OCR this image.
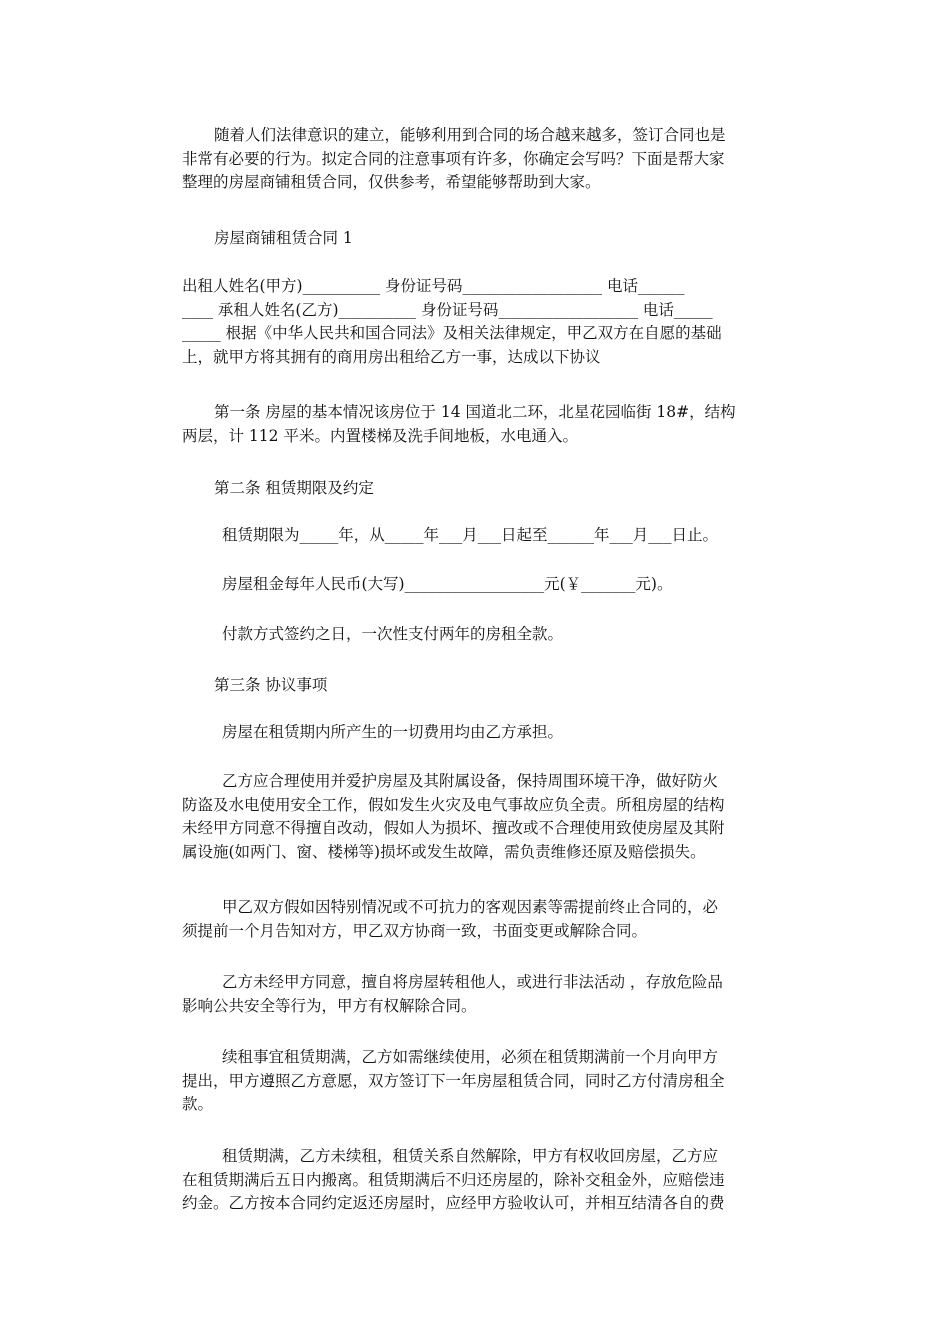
随着人们法律意识的建立，能够利用到合同的场合越来越多，签订合同也是
非常有必要的行为。拟定合同的注意事项有许多，你确定会写吗？下面是帮大家
整理的房屋商铺租赁合同，仅供参考，希望能够帮助到大家。
房屋商铺租赁合同 1
出租人姓名(甲方)__________ 身份证号码__________________ 电话______
____ 承租人姓名(乙方)__________ 身份证号码__________________ 电话_____
_____ 根据《中华人民共和国合同法》及相关法律规定，甲乙双方在自愿的基础
上，就甲方将其拥有的商用房出租给乙方一事，达成以下协议
第一条 房屋的基本情况该房位于 14 国道北二环，北星花园临街 18#，结构
两层，计 112 平米。内置楼梯及洗手间地板，水电通入。
第二条 租赁期限及约定
租赁期限为_____年，从_____年___月___日起至______年___月___日止。
房屋租金每年人民币(大写)__________________元(￥_______元)。
付款方式签约之日，一次性支付两年的房租全款。
第三条 协议事项
房屋在租赁期内所产生的一切费用均由乙方承担。
乙方应合理使用并爱护房屋及其附属设备，保持周围环境干净，做好防火
防盗及水电使用安全工作，假如发生火灾及电气事故应负全责。所租房屋的结构
未经甲方同意不得擅自改动，假如人为损坏、擅改或不合理使用致使房屋及其附
属设施(如两门、窗、楼梯等)损坏或发生故障，需负责维修还原及赔偿损失。
甲乙双方假如因特别情况或不可抗力的客观因素等需提前终止合同的，必
须提前一个月告知对方，甲乙双方协商一致，书面变更或解除合同。
乙方未经甲方同意，擅自将房屋转租他人，或进行非法活动 ，存放危险品
影响公共安全等行为，甲方有权解除合同。
续租事宜租赁期满，乙方如需继续使用，必须在租赁期满前一个月向甲方
提出，甲方遵照乙方意愿，双方签订下一年房屋租赁合同，同时乙方付清房租全
款。
租赁期满，乙方未续租，租赁关系自然解除，甲方有权收回房屋，乙方应
在租赁期满后五日内搬离。租赁期满后不归还房屋的，除补交租金外，应赔偿违
约金。乙方按本合同约定返还房屋时，应经甲方验收认可，并相互结清各自的费
